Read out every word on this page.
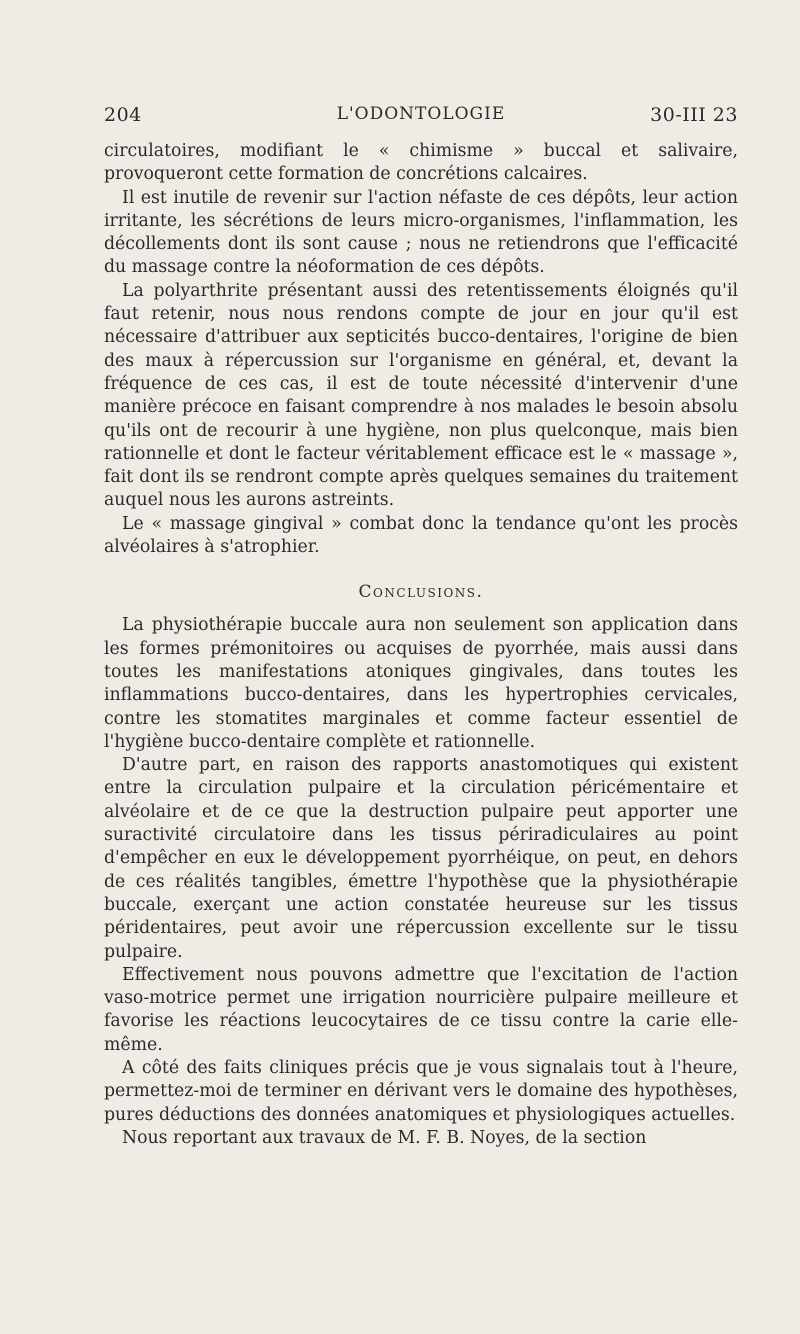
204	L'ODONTOLOGIE	30-III 23

circulatoires, modifiant le « chimisme » buccal et salivaire, provoqueront cette formation de concrétions calcaires.

Il est inutile de revenir sur l'action néfaste de ces dépôts, leur action irritante, les sécrétions de leurs micro-organismes, l'inflammation, les décollements dont ils sont cause ; nous ne retiendrons que l'efficacité du massage contre la néoformation de ces dépôts.

La polyarthrite présentant aussi des retentissements éloignés qu'il faut retenir, nous nous rendons compte de jour en jour qu'il est nécessaire d'attribuer aux septicités bucco-dentaires, l'origine de bien des maux à répercussion sur l'organisme en général, et, devant la fréquence de ces cas, il est de toute nécessité d'intervenir d'une manière précoce en faisant comprendre à nos malades le besoin absolu qu'ils ont de recourir à une hygiène, non plus quelconque, mais bien rationnelle et dont le facteur véritablement efficace est le « massage », fait dont ils se rendront compte après quelques semaines du traitement auquel nous les aurons astreints.

Le « massage gingival » combat donc la tendance qu'ont les procès alvéolaires à s'atrophier.

Conclusions.

La physiothérapie buccale aura non seulement son application dans les formes prémonitoires ou acquises de pyorrhée, mais aussi dans toutes les manifestations atoniques gingivales, dans toutes les inflammations bucco-dentaires, dans les hypertrophies cervicales, contre les stomatites marginales et comme facteur essentiel de l'hygiène bucco-dentaire complète et rationnelle.

D'autre part, en raison des rapports anastomotiques qui existent entre la circulation pulpaire et la circulation péricémentaire et alvéolaire et de ce que la destruction pulpaire peut apporter une suractivité circulatoire dans les tissus périradiculaires au point d'empêcher en eux le développement pyorrhéique, on peut, en dehors de ces réalités tangibles, émettre l'hypothèse que la physiothérapie buccale, exerçant une action constatée heureuse sur les tissus péridentaires, peut avoir une répercussion excellente sur le tissu pulpaire.

Effectivement nous pouvons admettre que l'excitation de l'action vaso-motrice permet une irrigation nourricière pulpaire meilleure et favorise les réactions leucocytaires de ce tissu contre la carie elle-même.

A côté des faits cliniques précis que je vous signalais tout à l'heure, permettez-moi de terminer en dérivant vers le domaine des hypothèses, pures déductions des données anatomiques et physiologiques actuelles.

Nous reportant aux travaux de M. F. B. Noyes, de la section
